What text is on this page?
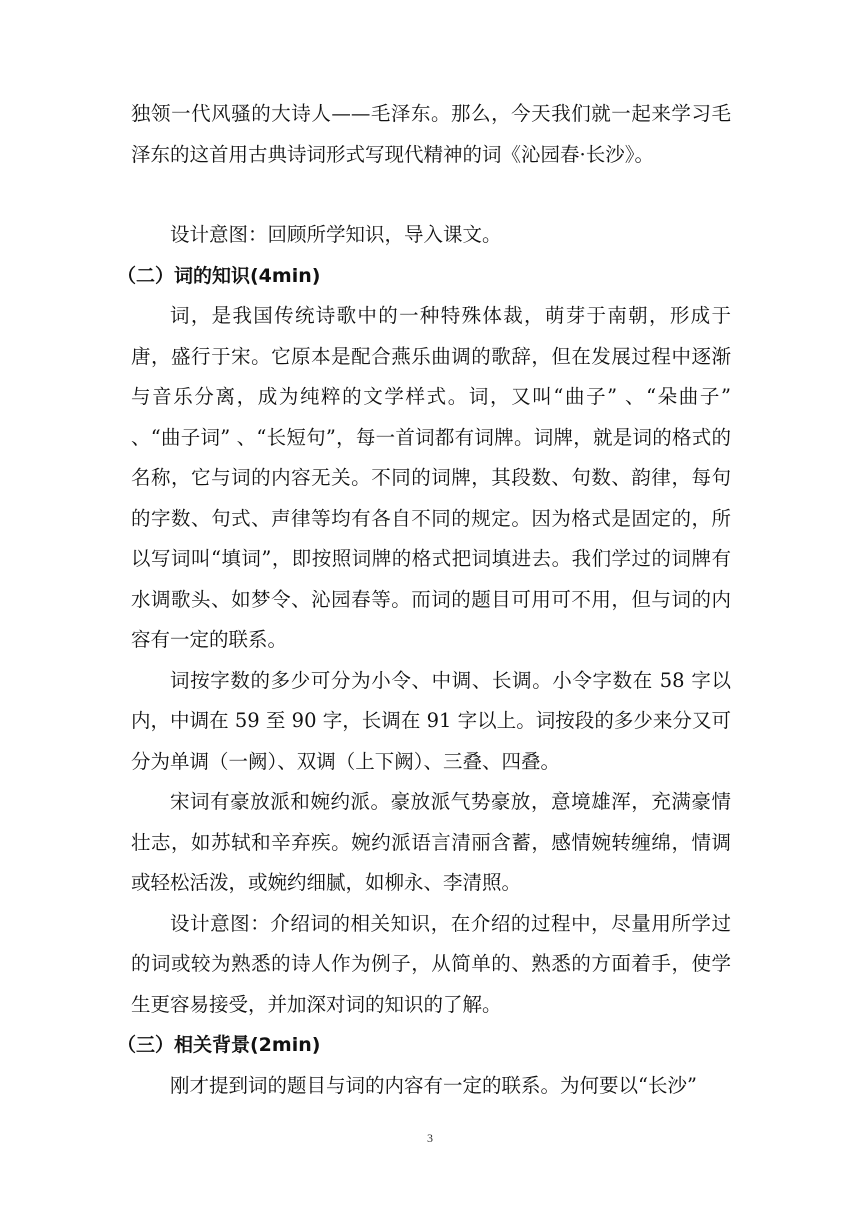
独领一代风骚的大诗人——毛泽东。那么，今天我们就一起来学习毛泽东的这首用古典诗词形式写现代精神的词《沁园春·长沙》。

设计意图：回顾所学知识，导入课文。

（二）词的知识(4min)

词，是我国传统诗歌中的一种特殊体裁，萌芽于南朝，形成于唐，盛行于宋。它原本是配合燕乐曲调的歌辞，但在发展过程中逐渐与音乐分离，成为纯粹的文学样式。词，又叫“曲子” 、“朵曲子” 、“曲子词” 、“长短句”，每一首词都有词牌。词牌，就是词的格式的名称，它与词的内容无关。不同的词牌，其段数、句数、韵律，每句的字数、句式、声律等均有各自不同的规定。因为格式是固定的，所以写词叫“填词”，即按照词牌的格式把词填进去。我们学过的词牌有水调歌头、如梦令、沁园春等。而词的题目可用可不用，但与词的内容有一定的联系。

词按字数的多少可分为小令、中调、长调。小令字数在 58 字以内，中调在 59 至 90 字，长调在 91 字以上。词按段的多少来分又可分为单调（一阙）、双调（上下阙）、三叠、四叠。

宋词有豪放派和婉约派。豪放派气势豪放，意境雄浑，充满豪情壮志，如苏轼和辛弃疾。婉约派语言清丽含蓄，感情婉转缠绵，情调或轻松活泼，或婉约细腻，如柳永、李清照。

设计意图：介绍词的相关知识，在介绍的过程中，尽量用所学过的词或较为熟悉的诗人作为例子，从简单的、熟悉的方面着手，使学生更容易接受，并加深对词的知识的了解。

（三）相关背景(2min)

刚才提到词的题目与词的内容有一定的联系。为何要以“长沙”

3
